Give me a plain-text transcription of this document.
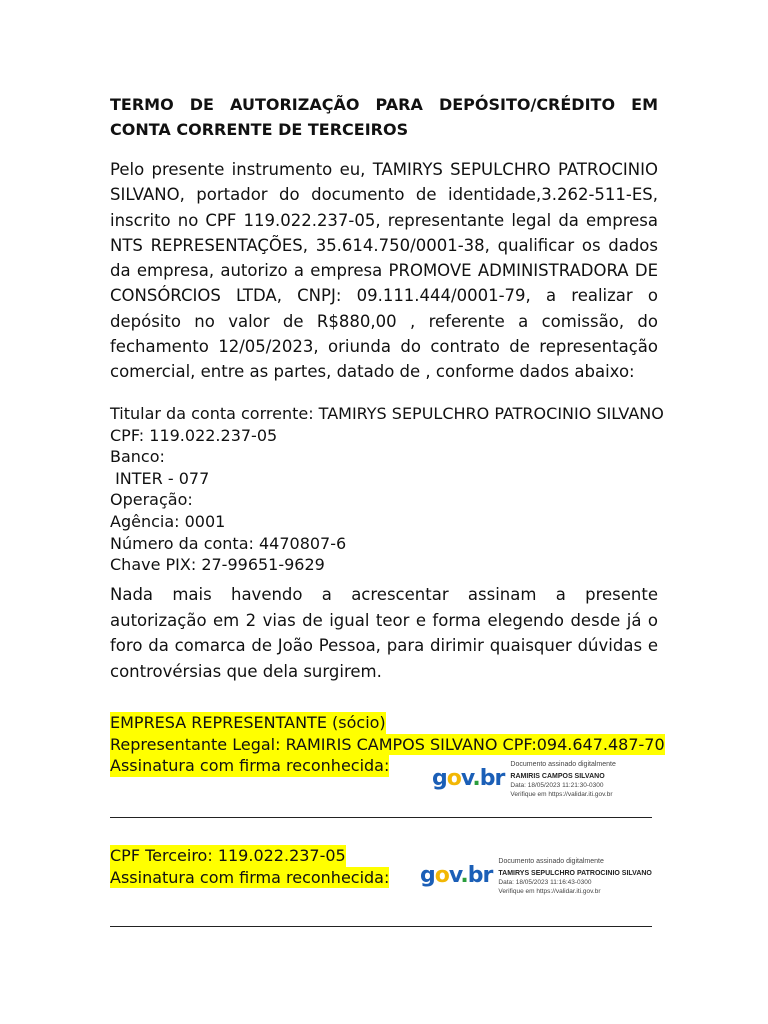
TERMO DE AUTORIZAÇÃO PARA DEPÓSITO/CRÉDITO EM CONTA CORRENTE DE TERCEIROS

Pelo presente instrumento eu, TAMIRYS SEPULCHRO PATROCINIO SILVANO, portador do documento de identidade,3.262-511-ES, inscrito no CPF 119.022.237-05, representante legal da empresa NTS REPRESENTAÇÕES, 35.614.750/0001-38, qualificar os dados da empresa, autorizo a empresa PROMOVE ADMINISTRADORA DE CONSÓRCIOS LTDA, CNPJ: 09.111.444/0001-79, a realizar o depósito no valor de R$880,00 , referente a comissão, do fechamento 12/05/2023, oriunda do contrato de representação comercial, entre as partes, datado de , conforme dados abaixo:

Titular da conta corrente: TAMIRYS SEPULCHRO PATROCINIO SILVANO
CPF: 119.022.237-05
Banco:
INTER - 077
Operação:
Agência: 0001
Número da conta: 4470807-6
Chave PIX: 27-99651-9629

Nada mais havendo a acrescentar assinam a presente autorização em 2 vias de igual teor e forma elegendo desde já o foro da comarca de João Pessoa, para dirimir quaisquer dúvidas e controvérsias que dela surgirem.

EMPRESA REPRESENTANTE (sócio)
Representante Legal: RAMIRIS CAMPOS SILVANO CPF:094.647.487-70
Assinatura com firma reconhecida:
CPF Terceiro: 119.022.237-05
Assinatura com firma reconhecida:
gov.br
Documento assinado digitalmente
RAMIRIS CAMPOS SILVANO
Data: 18/05/2023 11:21:30-0300
Verifique em https://validar.iti.gov.br
gov.br
Documento assinado digitalmente
TAMIRYS SEPULCHRO PATROCINIO SILVANO
Data: 18/05/2023 11:16:43-0300
Verifique em https://validar.iti.gov.br
